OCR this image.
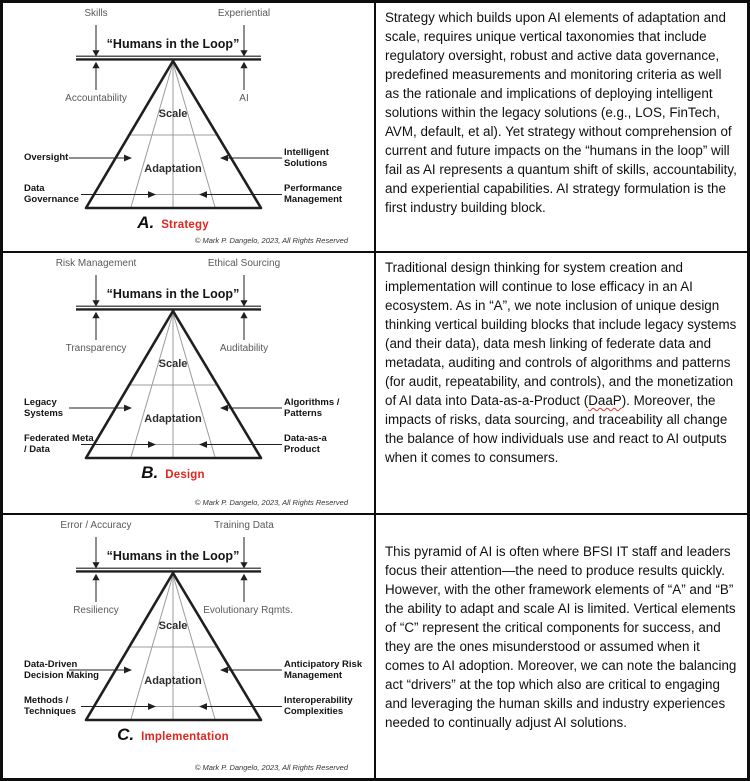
Skills	Experiential
“Humans in the Loop”
Accountability	AI
Scale
Adaptation
Oversight
Data Governance
Intelligent Solutions
Performance Management
A. Strategy
© Mark P. Dangelo, 2023, All Rights Reserved

Strategy which builds upon AI elements of adaptation and scale, requires unique vertical taxonomies that include regulatory oversight, robust and active data governance, predefined measurements and monitoring criteria as well as the rationale and implications of deploying intelligent solutions within the legacy solutions (e.g., LOS, FinTech, AVM, default, et al). Yet strategy without comprehension of current and future impacts on the “humans in the loop” will fail as AI represents a quantum shift of skills, accountability, and experiential capabilities. AI strategy formulation is the first industry building block.

Risk Management	Ethical Sourcing
“Humans in the Loop”
Transparency	Auditability
Scale
Adaptation
Legacy Systems
Federated Meta / Data
Algorithms / Patterns
Data-as-a Product
B. Design
© Mark P. Dangelo, 2023, All Rights Reserved

Traditional design thinking for system creation and implementation will continue to lose efficacy in an AI ecosystem. As in “A”, we note inclusion of unique design thinking vertical building blocks that include legacy systems (and their data), data mesh linking of federate data and metadata, auditing and controls of algorithms and patterns (for audit, repeatability, and controls), and the monetization of AI data into Data-as-a-Product (DaaP). Moreover, the impacts of risks, data sourcing, and traceability all change the balance of how individuals use and react to AI outputs when it comes to consumers.

Error / Accuracy	Training Data
“Humans in the Loop”
Resiliency	Evolutionary Rqmts.
Scale
Adaptation
Data-Driven Decision Making
Methods / Techniques
Anticipatory Risk Management
Interoperability Complexities
C. Implementation
© Mark P. Dangelo, 2023, All Rights Reserved

This pyramid of AI is often where BFSI IT staff and leaders focus their attention—the need to produce results quickly. However, with the other framework elements of “A” and “B” the ability to adapt and scale AI is limited. Vertical elements of “C” represent the critical components for success, and they are the ones misunderstood or assumed when it comes to AI adoption. Moreover, we can note the balancing act “drivers” at the top which also are critical to engaging and leveraging the human skills and industry experiences needed to continually adjust AI solutions.
